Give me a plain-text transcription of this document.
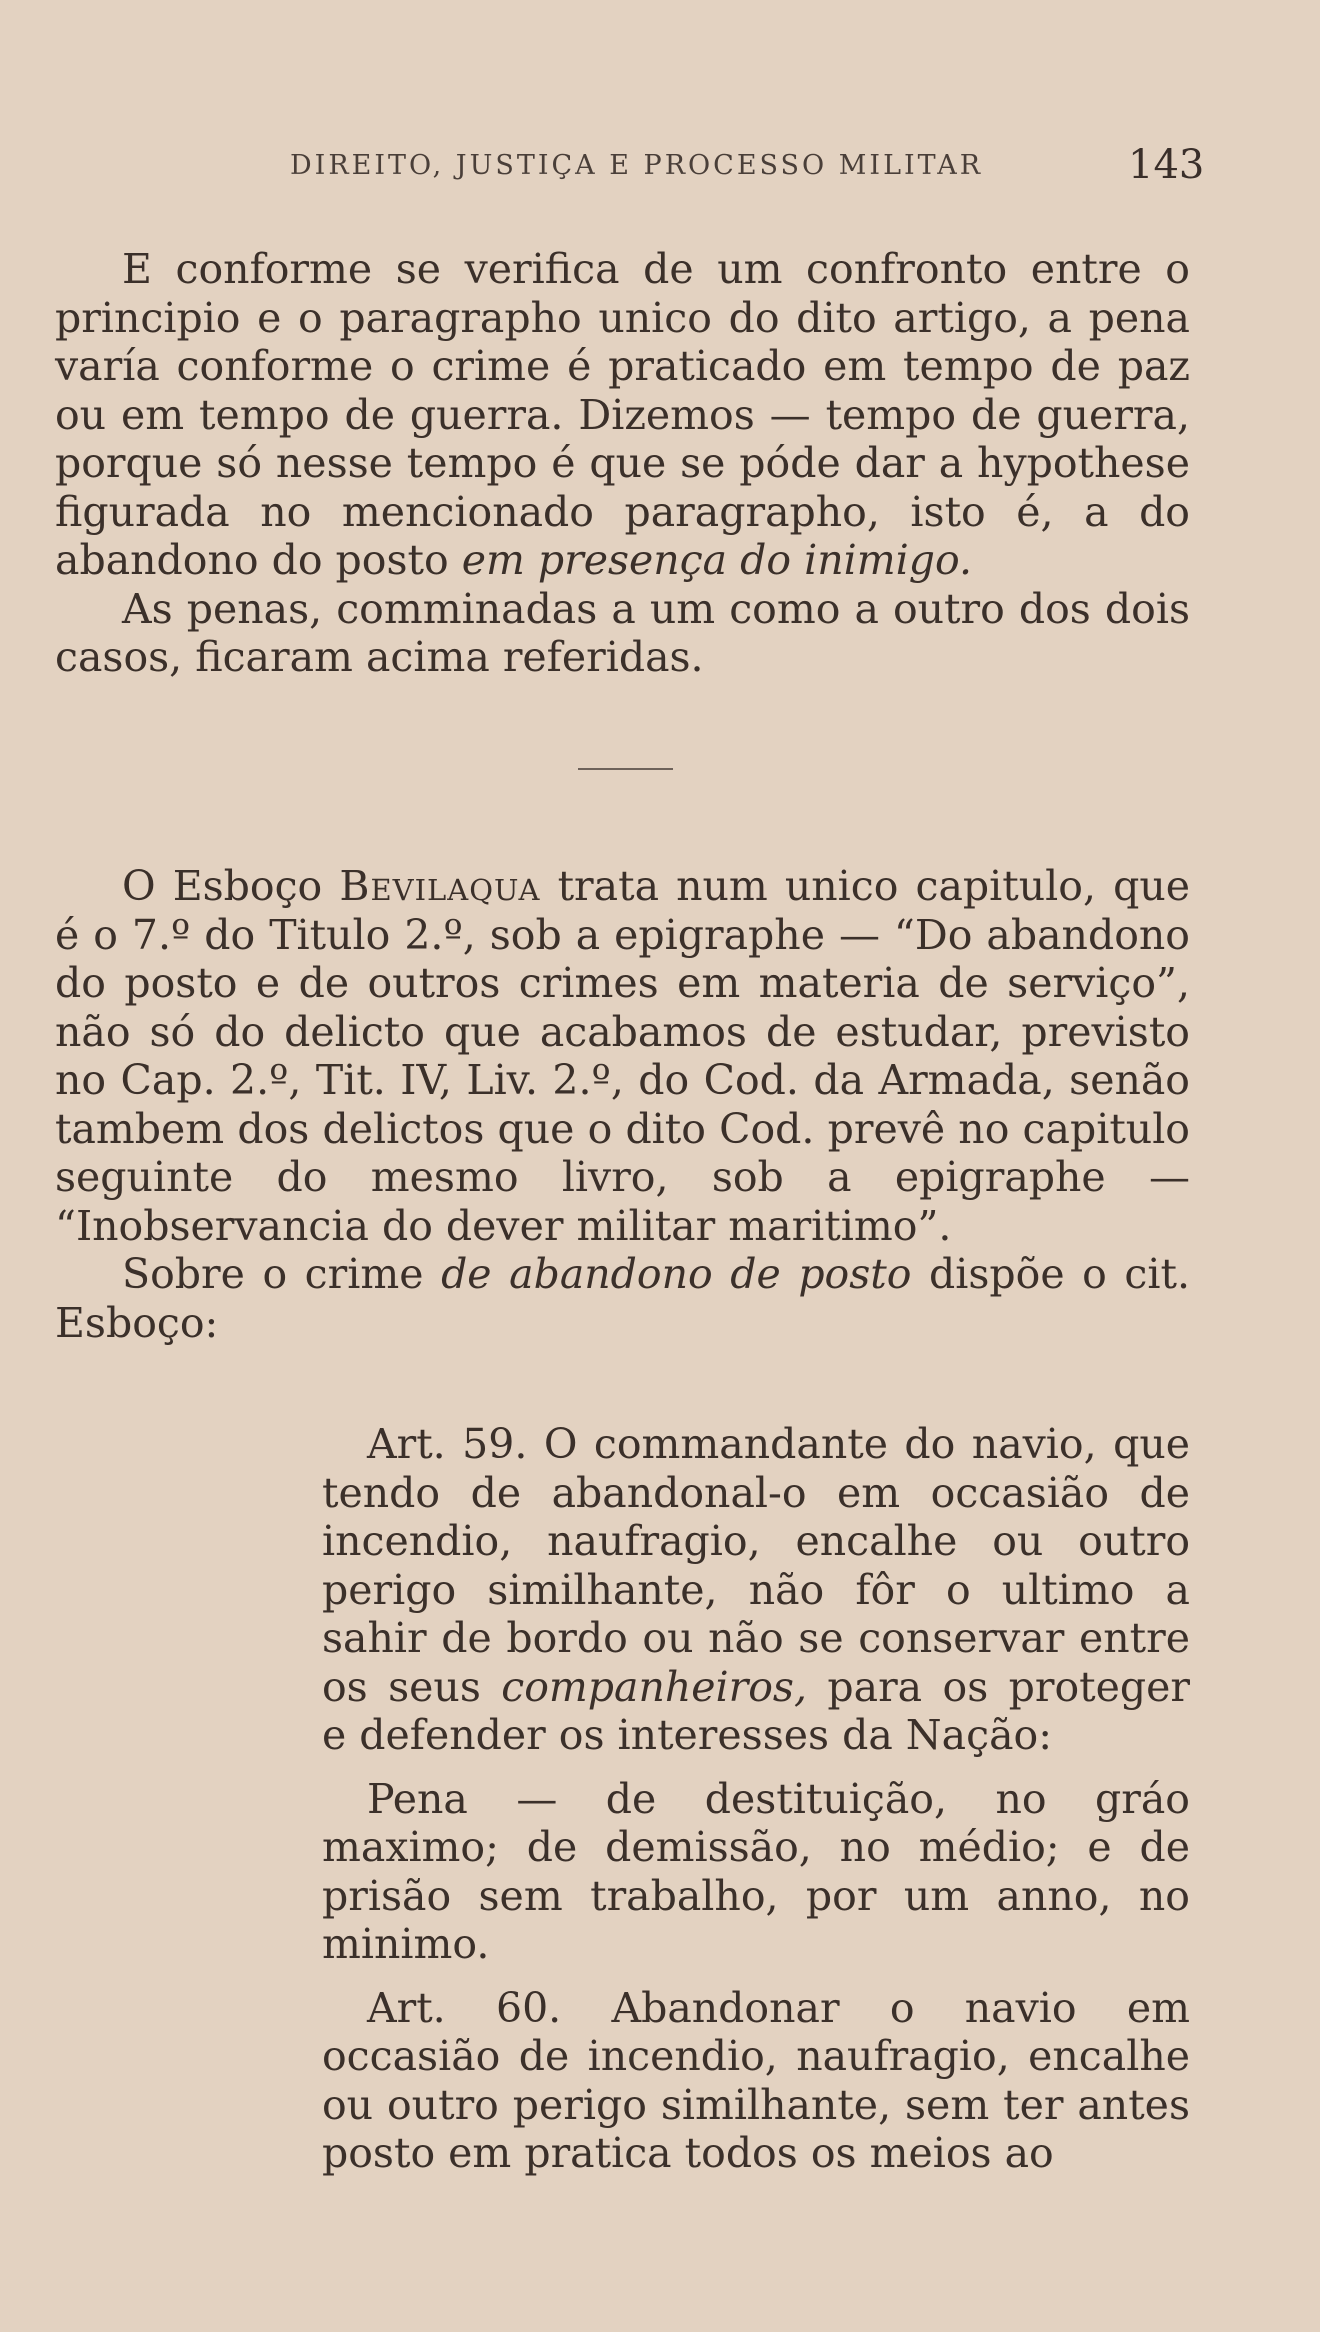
DIREITO, JUSTIÇA E PROCESSO MILITAR	143

E conforme se verifica de um confronto entre o principio e o paragrapho unico do dito artigo, a pena varía conforme o crime é praticado em tempo de paz ou em tempo de guerra. Dizemos — tempo de guerra, porque só nesse tempo é que se póde dar a hypothese figurada no mencionado paragrapho, isto é, a do abandono do posto em presença do inimigo.

As penas, comminadas a um como a outro dos dois casos, ficaram acima referidas.

O Esboço Bevilaqua trata num unico capitulo, que é o 7.º do Titulo 2.º, sob a epigraphe — “Do abandono do posto e de outros crimes em materia de serviço”, não só do delicto que acabamos de estudar, previsto no Cap. 2.º, Tit. IV, Liv. 2.º, do Cod. da Armada, senão tambem dos delictos que o dito Cod. prevê no capitulo seguinte do mesmo livro, sob a epigraphe — “Inobservancia do dever militar maritimo”.

Sobre o crime de abandono de posto dispõe o cit. Esboço:

Art. 59. O commandante do navio, que tendo de abandonal-o em occasião de incendio, naufragio, encalhe ou outro perigo similhante, não fôr o ultimo a sahir de bordo ou não se conservar entre os seus companheiros, para os proteger e defender os interesses da Nação:

Pena — de destituição, no gráo maximo; de demissão, no médio; e de prisão sem trabalho, por um anno, no minimo.

Art. 60. Abandonar o navio em occasião de incendio, naufragio, encalhe ou outro perigo similhante, sem ter antes posto em pratica todos os meios ao
